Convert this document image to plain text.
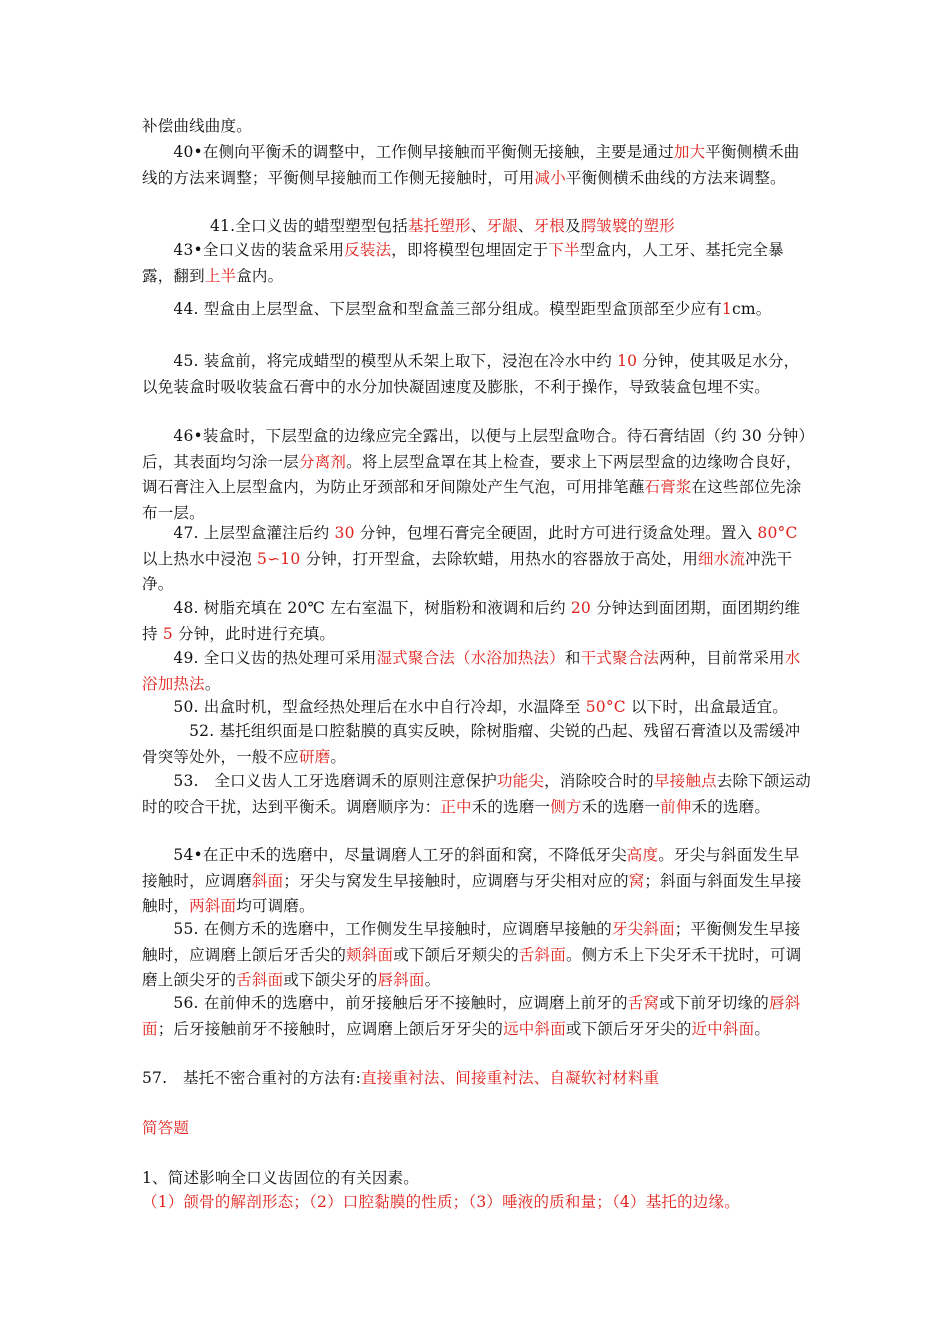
补偿曲线曲度。

　　40•在侧向平衡禾的调整中，工作侧早接触而平衡侧无接触，主要是通过加大平衡侧横禾曲线的方法来调整；平衡侧早接触而工作侧无接触时，可用减小平衡侧横禾曲线的方法来调整。

41.全口义齿的蜡型塑型包括基托塑形、牙龈、牙根及腭皱襞的塑形

　　43•全口义齿的装盒采用反装法，即将模型包埋固定于下半型盒内，人工牙、基托完全暴露，翻到上半盒内。

　　44. 型盒由上层型盒、下层型盒和型盒盖三部分组成。模型距型盒顶部至少应有1cm。

　　45. 装盒前，将完成蜡型的模型从禾架上取下，浸泡在冷水中约 10 分钟，使其吸足水分，以免装盒时吸收装盒石膏中的水分加快凝固速度及膨胀，不利于操作，导致装盒包埋不实。

　　46•装盒时，下层型盒的边缘应完全露出，以便与上层型盒吻合。待石膏结固（约 30 分钟）后，其表面均匀涂一层分离剂。将上层型盒罩在其上检查，要求上下两层型盒的边缘吻合良好，调石膏注入上层型盒内，为防止牙颈部和牙间隙处产生气泡，可用排笔蘸石膏浆在这些部位先涂布一层。

　　47. 上层型盒灌注后约 30 分钟，包埋石膏完全硬固，此时方可进行烫盒处理。置入 80°C 以上热水中浸泡 5∽10 分钟，打开型盒，去除软蜡，用热水的容器放于高处，用细水流冲洗干净。

　　48. 树脂充填在 20℃ 左右室温下，树脂粉和液调和后约 20 分钟达到面团期，面团期约维持 5 分钟，此时进行充填。

　　49. 全口义齿的热处理可采用湿式聚合法（水浴加热法）和干式聚合法两种，目前常采用水浴加热法。

　　50. 出盒时机，型盒经热处理后在水中自行冷却，水温降至 50°C 以下时，出盒最适宜。

　　　52. 基托组织面是口腔黏膜的真实反映，除树脂瘤、尖锐的凸起、残留石膏渣以及需缓冲骨突等处外，一般不应研磨。

　　53.　全口义齿人工牙选磨调禾的原则注意保护功能尖，消除咬合时的早接触点去除下颌运动时的咬合干扰，达到平衡禾。调磨顺序为：正中禾的选磨一侧方禾的选磨一前伸禾的选磨。

　　54•在正中禾的选磨中，尽量调磨人工牙的斜面和窝，不降低牙尖高度。牙尖与斜面发生早接触时，应调磨斜面；牙尖与窝发生早接触时，应调磨与牙尖相对应的窝；斜面与斜面发生早接触时，两斜面均可调磨。

　　55. 在侧方禾的选磨中，工作侧发生早接触时，应调磨早接触的牙尖斜面；平衡侧发生早接触时，应调磨上颌后牙舌尖的颊斜面或下颌后牙颊尖的舌斜面。侧方禾上下尖牙禾干扰时，可调磨上颌尖牙的舌斜面或下颌尖牙的唇斜面。

　　56. 在前伸禾的选磨中，前牙接触后牙不接触时，应调磨上前牙的舌窝或下前牙切缘的唇斜面；后牙接触前牙不接触时，应调磨上颌后牙牙尖的远中斜面或下颌后牙牙尖的近中斜面。

57.　基托不密合重衬的方法有:直接重衬法、间接重衬法、自凝软衬材料重

简答题

1、简述影响全口义齿固位的有关因素。

（1）颌骨的解剖形态；（2）口腔黏膜的性质；（3）唾液的质和量；（4）基托的边缘。
